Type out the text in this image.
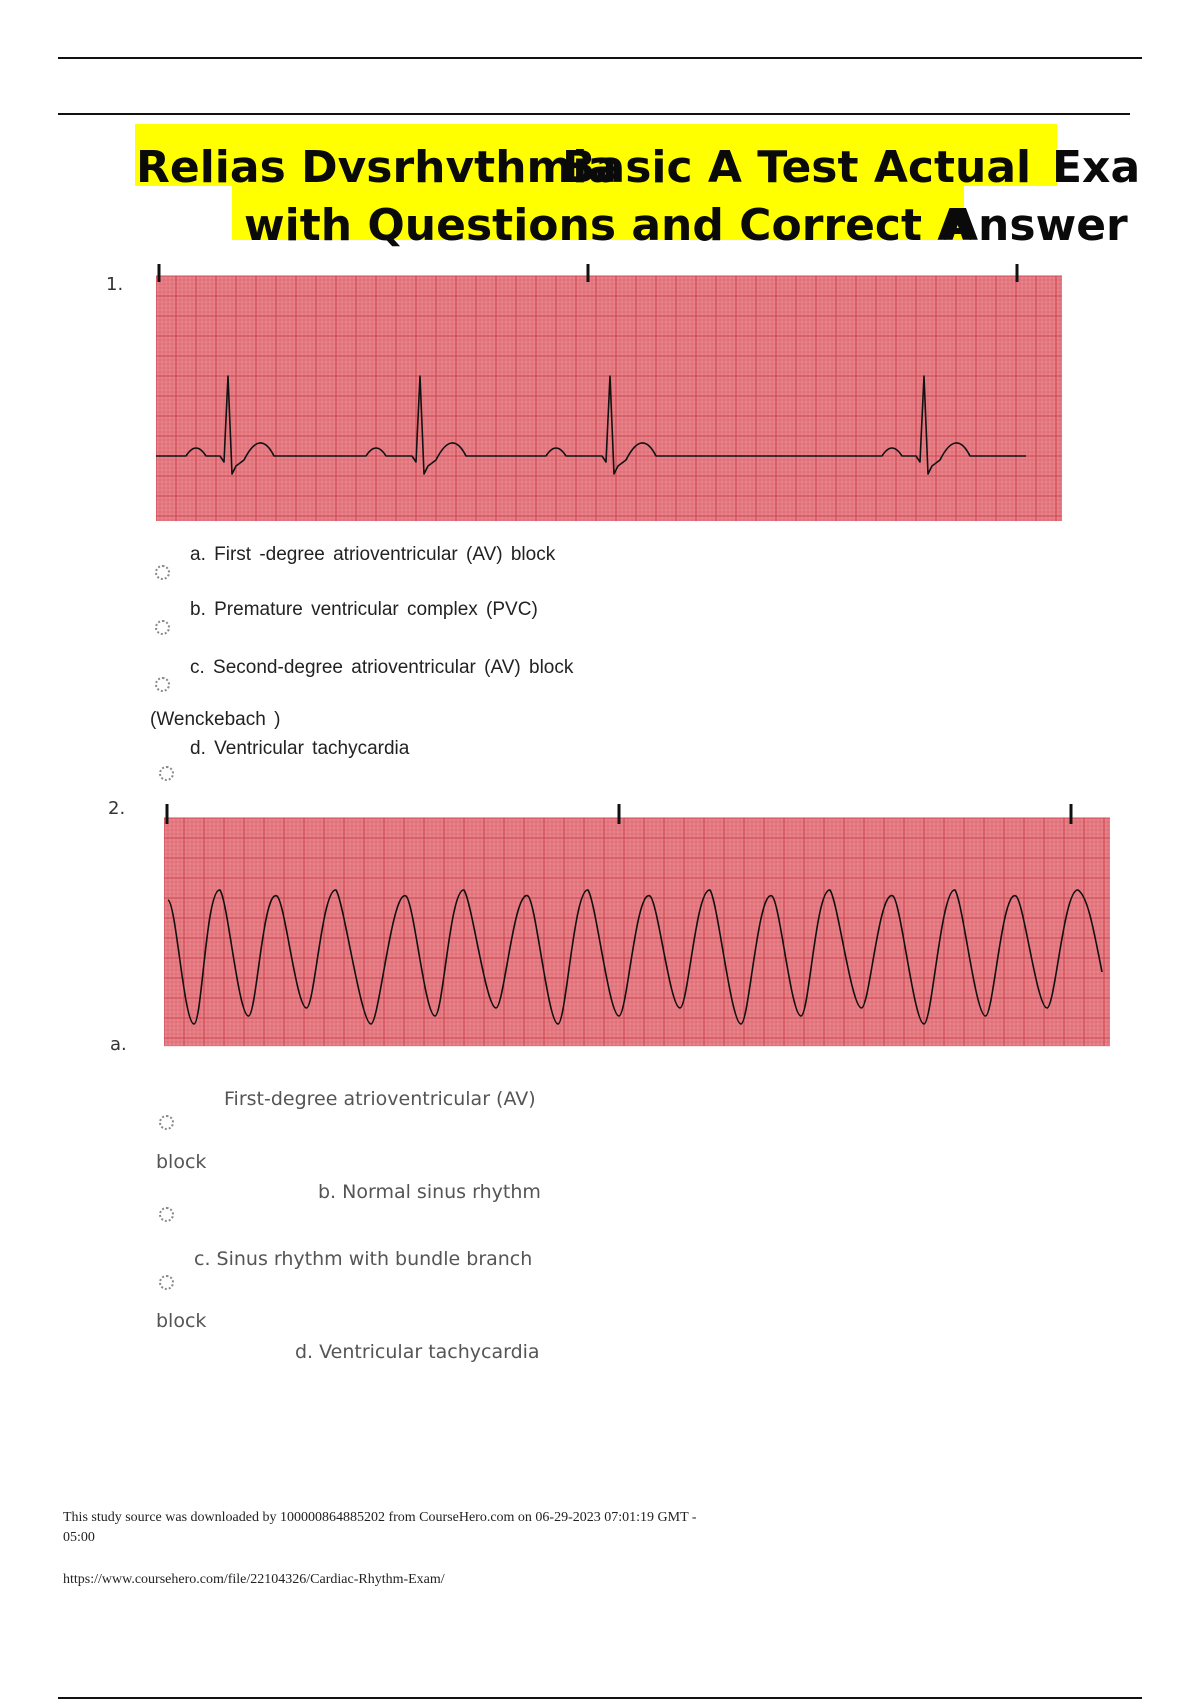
Relias Dvsrhvthmia
Basic A Test Actual Exa
with Questions and Correct A
Answer
1.
a. First -degree atrioventricular (AV) block
b. Premature ventricular complex (PVC)
c. Second-degree atrioventricular (AV) block
(Wenckebach )
d. Ventricular tachycardia
2.
a.
First-degree atrioventricular (AV)
block
b. Normal sinus rhythm
c. Sinus rhythm with bundle branch
block
d. Ventricular tachycardia
This study source was downloaded by 100000864885202 from CourseHero.com on 06-29-2023 07:01:19 GMT -
05:00
https://www.coursehero.com/file/22104326/Cardiac-Rhythm-Exam/
